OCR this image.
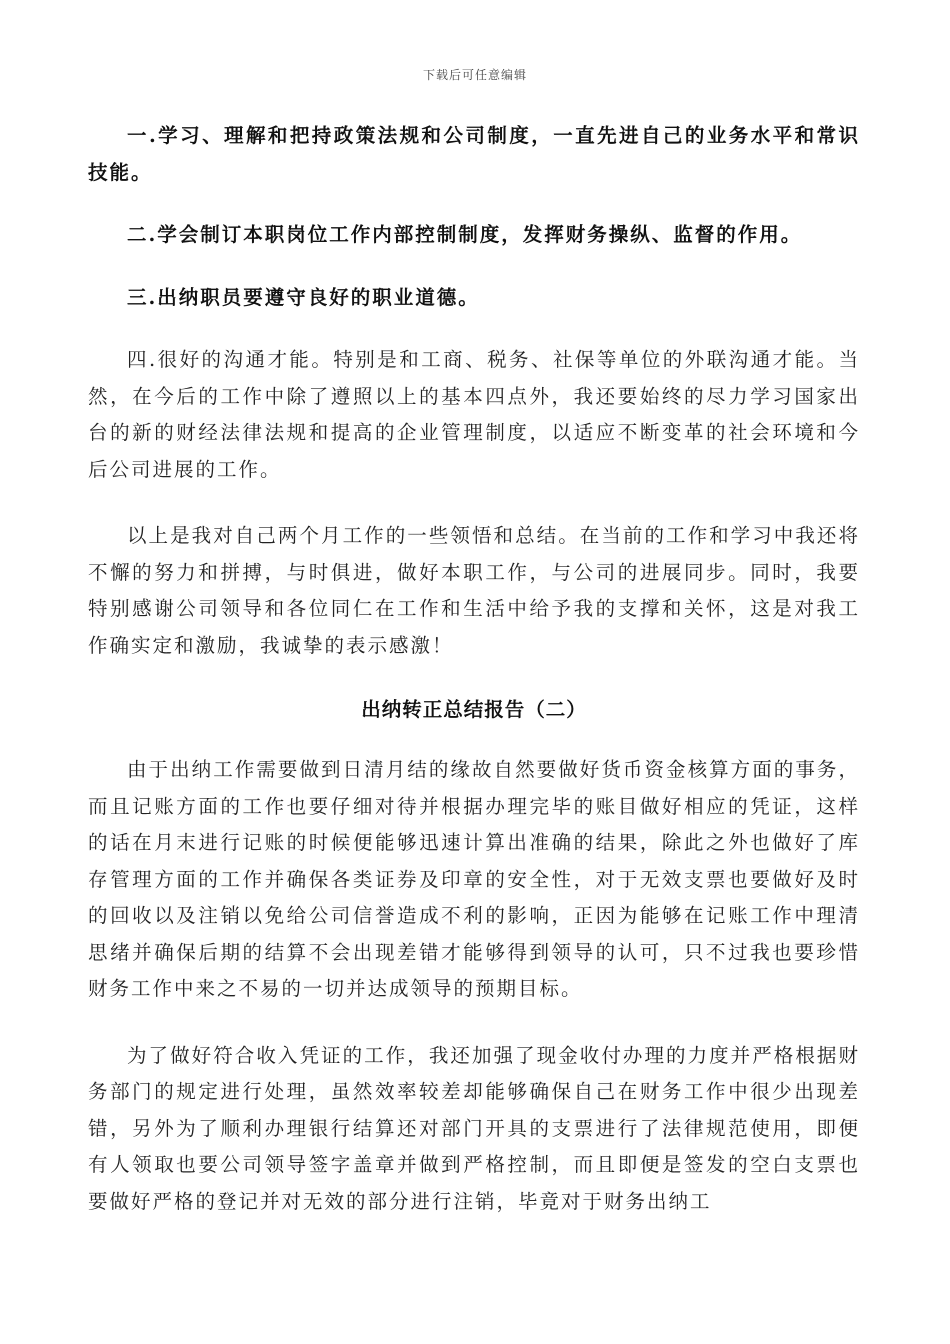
下载后可任意编辑

一.学习、理解和把持政策法规和公司制度，一直先进自己的业务水平和常识技能。

二.学会制订本职岗位工作内部控制制度，发挥财务操纵、监督的作用。

三.出纳职员要遵守良好的职业道德。

四.很好的沟通才能。特别是和工商、税务、社保等单位的外联沟通才能。当然，在今后的工作中除了遵照以上的基本四点外，我还要始终的尽力学习国家出台的新的财经法律法规和提高的企业管理制度，以适应不断变革的社会环境和今后公司进展的工作。

以上是我对自己两个月工作的一些领悟和总结。在当前的工作和学习中我还将不懈的努力和拼搏，与时俱进，做好本职工作，与公司的进展同步。同时，我要特别感谢公司领导和各位同仁在工作和生活中给予我的支撑和关怀，这是对我工作确实定和激励，我诚挚的表示感激！

出纳转正总结报告（二）

由于出纳工作需要做到日清月结的缘故自然要做好货币资金核算方面的事务，而且记账方面的工作也要仔细对待并根据办理完毕的账目做好相应的凭证，这样的话在月末进行记账的时候便能够迅速计算出准确的结果，除此之外也做好了库存管理方面的工作并确保各类证券及印章的安全性，对于无效支票也要做好及时的回收以及注销以免给公司信誉造成不利的影响，正因为能够在记账工作中理清思绪并确保后期的结算不会出现差错才能够得到领导的认可，只不过我也要珍惜财务工作中来之不易的一切并达成领导的预期目标。

为了做好符合收入凭证的工作，我还加强了现金收付办理的力度并严格根据财务部门的规定进行处理，虽然效率较差却能够确保自己在财务工作中很少出现差错，另外为了顺利办理银行结算还对部门开具的支票进行了法律规范使用，即便有人领取也要公司领导签字盖章并做到严格控制，而且即便是签发的空白支票也要做好严格的登记并对无效的部分进行注销，毕竟对于财务出纳工
